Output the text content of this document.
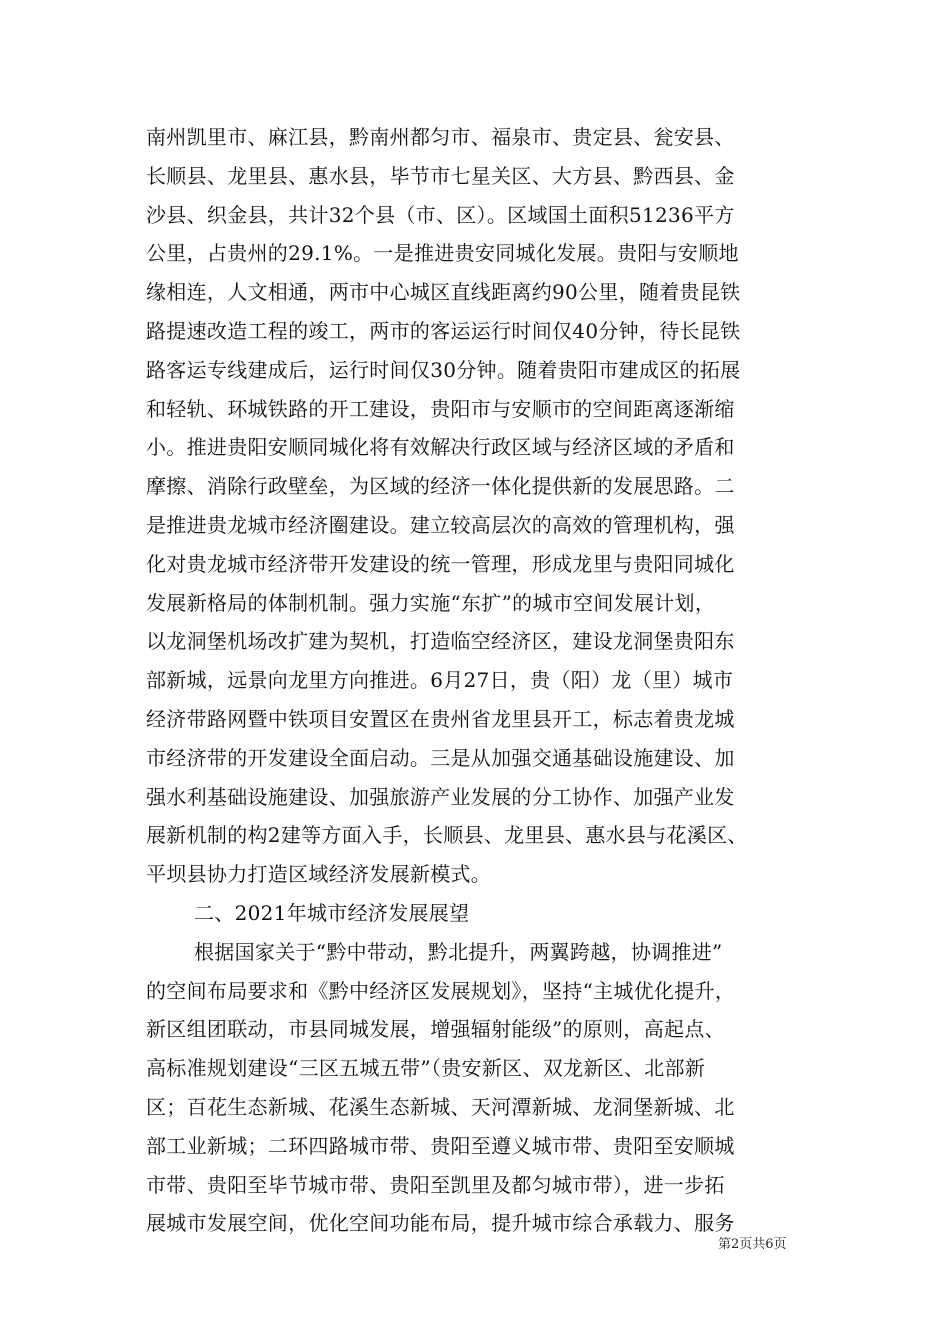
南州凯里市、麻江县，黔南州都匀市、福泉市、贵定县、瓮安县、
长顺县、龙里县、惠水县，毕节市七星关区、大方县、黔西县、金
沙县、织金县，共计32个县（市、区）。区域国土面积51236平方
公里，占贵州的29.1%。一是推进贵安同城化发展。贵阳与安顺地
缘相连，人文相通，两市中心城区直线距离约90公里，随着贵昆铁
路提速改造工程的竣工，两市的客运运行时间仅40分钟，待长昆铁
路客运专线建成后，运行时间仅30分钟。随着贵阳市建成区的拓展
和轻轨、环城铁路的开工建设，贵阳市与安顺市的空间距离逐渐缩
小。推进贵阳安顺同城化将有效解决行政区域与经济区域的矛盾和
摩擦、消除行政壁垒，为区域的经济一体化提供新的发展思路。二
是推进贵龙城市经济圈建设。建立较高层次的高效的管理机构，强
化对贵龙城市经济带开发建设的统一管理，形成龙里与贵阳同城化
发展新格局的体制机制。强力实施“东扩”的城市空间发展计划，
以龙洞堡机场改扩建为契机，打造临空经济区，建设龙洞堡贵阳东
部新城，远景向龙里方向推进。6月27日，贵（阳）龙（里）城市
经济带路网暨中铁项目安置区在贵州省龙里县开工，标志着贵龙城
市经济带的开发建设全面启动。三是从加强交通基础设施建设、加
强水利基础设施建设、加强旅游产业发展的分工协作、加强产业发
展新机制的构2建等方面入手，长顺县、龙里县、惠水县与花溪区、
平坝县协力打造区域经济发展新模式。
二、2021年城市经济发展展望
根据国家关于“黔中带动，黔北提升，两翼跨越，协调推进”
的空间布局要求和《黔中经济区发展规划》，坚持“主城优化提升，
新区组团联动，市县同城发展，增强辐射能级”的原则，高起点、
高标准规划建设“三区五城五带”（贵安新区、双龙新区、北部新
区；百花生态新城、花溪生态新城、天河潭新城、龙洞堡新城、北
部工业新城；二环四路城市带、贵阳至遵义城市带、贵阳至安顺城
市带、贵阳至毕节城市带、贵阳至凯里及都匀城市带），进一步拓
展城市发展空间，优化空间功能布局，提升城市综合承载力、服务
第2页共6页
